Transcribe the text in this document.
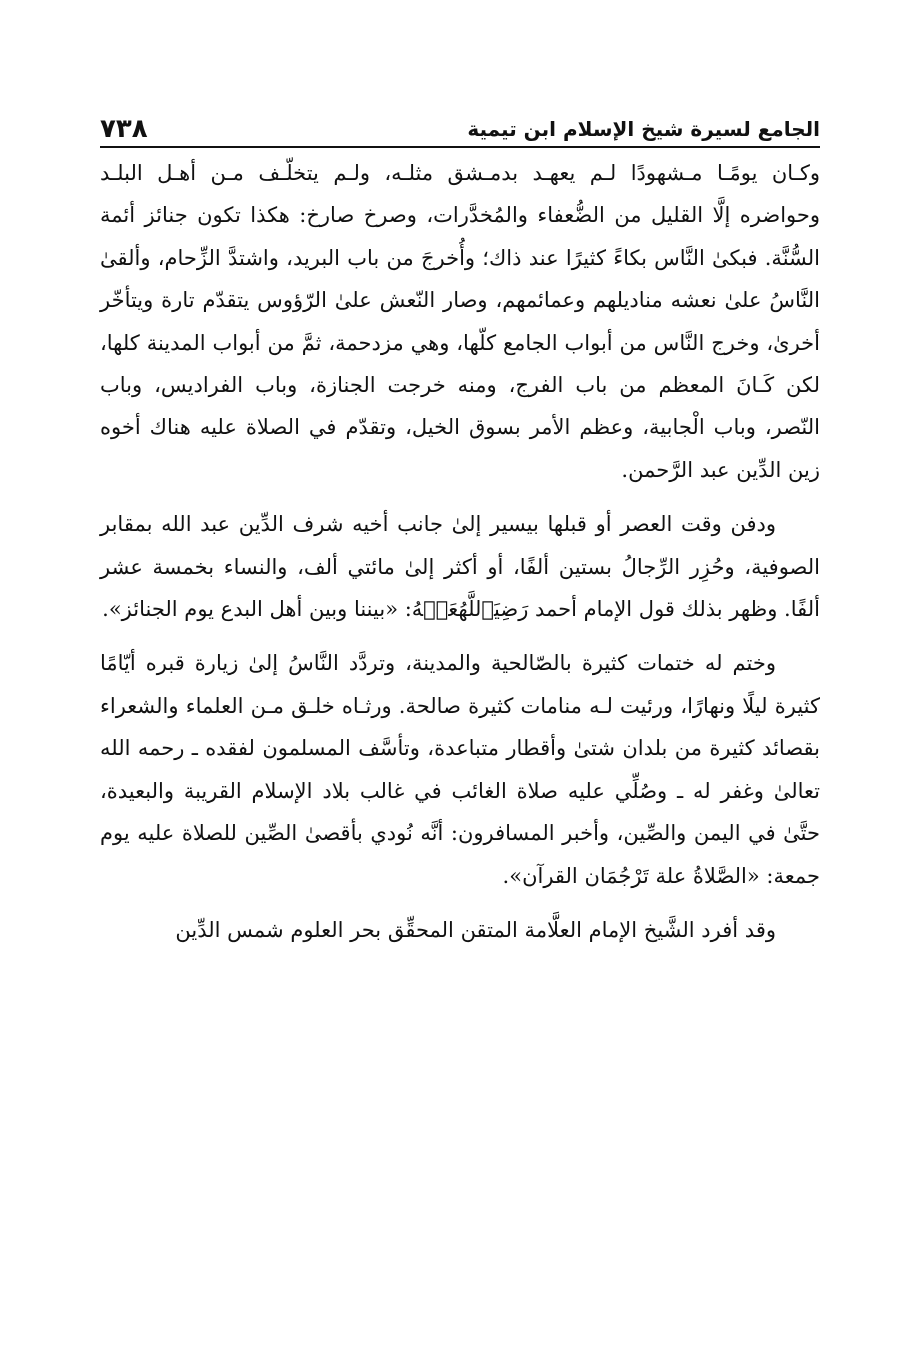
الجامع لسيرة شيخ الإسلام ابن تيمية
٧٣٨

وكـان يومًـا مـشهودًا لـم يعهـد بدمـشق مثلـه، ولـم يتخلّـف مـن أهـل البلـد وحواضره إلَّا القليل من الضُّعفاء والمُخدَّرات، وصرخ صارخ: هكذا تكون جنائز أئمة السُّنَّة. فبكىٰ النَّاس بكاءً كثيرًا عند ذاك؛ وأُخرجَ من باب البريد، واشتدَّ الزِّحام، وألقىٰ النَّاسُ علىٰ نعشه مناديلهم وعمائمهم، وصار النّعش علىٰ الرّؤوس يتقدّم تارة ويتأخّر أخرىٰ، وخرج النَّاس من أبواب الجامع كلّها، وهي مزدحمة، ثمَّ من أبواب المدينة كلها، لكن كَـانَ المعظم من باب الفرج، ومنه خرجت الجنازة، وباب الفراديس، وباب النّصر، وباب الْجابية، وعظم الأمر بسوق الخيل، وتقدّم في الصلاة عليه هناك أخوه زين الدِّين عبد الرَّحمن.

ودفن وقت العصر أو قبلها بيسير إلىٰ جانب أخيه شرف الدِّين عبد الله بمقابر الصوفية، وحُزِر الرِّجالُ بستين ألفًا، أو أكثر إلىٰ مائتي ألف، والنساء بخمسة عشر ألفًا. وظهر بذلك قول الإمام أحمد رَضِيَٱللَّهُعَنۡهُ: «بيننا وبين أهل البدع يوم الجنائز».

وختم له ختمات كثيرة بالصّالحية والمدينة، وتردَّد النَّاسُ إلىٰ زيارة قبره أيّامًا كثيرة ليلًا ونهارًا، ورئيت لـه منامات كثيرة صالحة. ورثـاه خلـق مـن العلماء والشعراء بقصائد كثيرة من بلدان شتىٰ وأقطار متباعدة، وتأسَّف المسلمون لفقده ـ رحمه الله تعالىٰ وغفر له ـ وصُلِّي عليه صلاة الغائب في غالب بلاد الإسلام القريبة والبعيدة، حتَّىٰ في اليمن والصِّين، وأخبر المسافرون: أنَّه نُودي بأقصىٰ الصِّين للصلاة عليه يوم جمعة: «الصَّلاةُ علة تَرْجُمَان القرآن».

وقد أفرد الشَّيخ الإمام العلَّامة المتقن المحقِّق بحر العلوم شمس الدِّين
